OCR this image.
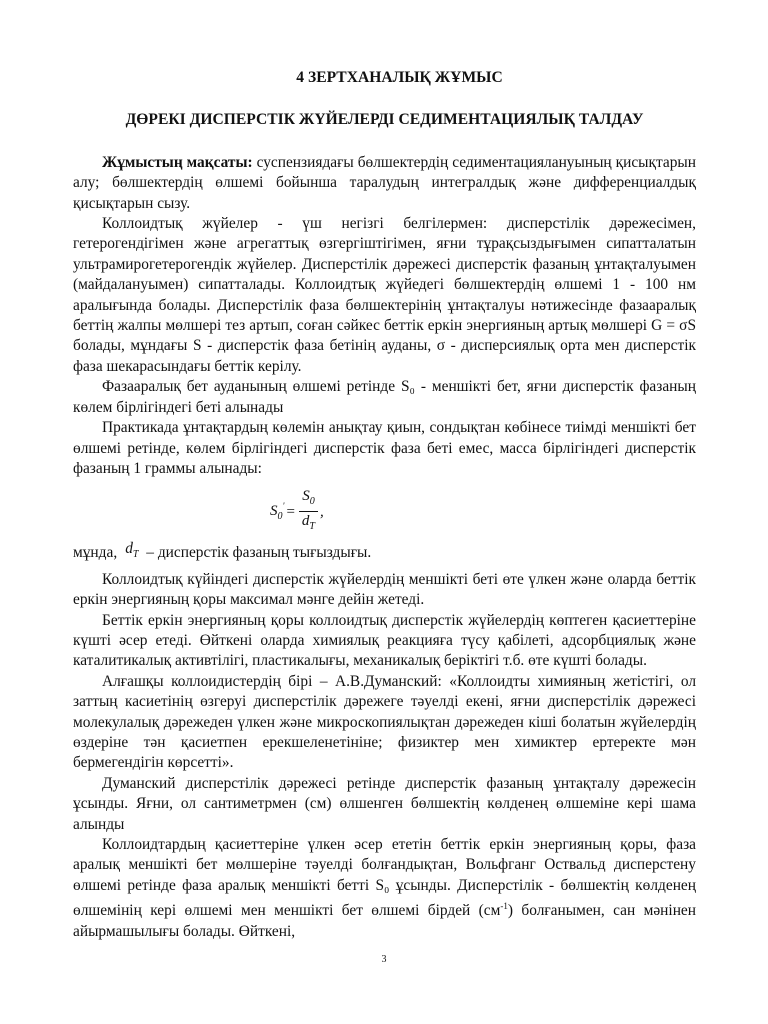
4 ЗЕРТХАНАЛЫҚ ЖҰМЫС
ДӨРЕКІ ДИСПЕРСТІК ЖҮЙЕЛЕРДІ СЕДИМЕНТАЦИЯЛЫҚ ТАЛДАУ

Жұмыстың мақсаты: суспензиядағы бөлшектердің седиментациялануының қисықтарын алу; бөлшектердің өлшемі бойынша таралудың интегралдық және дифференциалдық қисықтарын сызу.

Коллоидтық жүйелер - үш негізгі белгілермен: дисперстілік дәрежесімен, гетерогендігімен және агрегаттық өзгергіштігімен, яғни тұрақсыздығымен сипатталатын ультрамирогетерогендік жүйелер. Дисперстілік дәрежесі дисперстік фазаның ұнтақталуымен (майдалануымен) сипатталады. Коллоидтық жүйедегі бөлшектердің өлшемі 1 - 100 нм аралығында болады. Дисперстілік фаза бөлшектерінің ұнтақталуы нәтижесінде фазааралық беттің жалпы мөлшері тез артып, соған сәйкес беттік еркін энергияның артық мөлшері G = σS болады, мұндағы S - дисперстік фаза бетінің ауданы, σ - дисперсиялық орта мен дисперстік фаза шекарасындағы беттік керілу.

Фазааралық бет ауданының өлшемі ретінде S₀ - меншікті бет, яғни дисперстік фазаның көлем бірлігіндегі беті алынады

Практикада ұнтақтардың көлемін анықтау қиын, сондықтан көбінесе тиімді меншікті бет өлшемі ретінде, көлем бірлігіндегі дисперстік фаза беті емес, масса бірлігіндегі дисперстік фазаның 1 граммы алынады:

$S_0' = \frac{S_0}{d_T}$ ,

мұнда, $d_T$ – дисперстік фазаның тығыздығы.

Коллоидтық күйіндегі дисперстік жүйелердің меншікті беті өте үлкен және оларда беттік еркін энергияның қоры максимал мәнге дейін жетеді.

Беттік еркін энергияның қоры коллоидтық дисперстік жүйелердің көптеген қасиеттеріне күшті әсер етеді. Өйткені оларда химиялық реакцияға түсу қабілеті, адсорбциялық және каталитикалық активтілігі, пластикалығы, механикалық беріктігі т.б. өте күшті болады.

Алғашқы коллоидистердің бірі – А.В.Думанский: «Коллоидты химияның жетістігі, ол заттың касиетінің өзгеруі дисперстілік дәрежеге тәуелді екені, яғни дисперстілік дәрежесі молекулалық дәрежеден үлкен және микроскопиялықтан дәрежеден кіші болатын жүйелердің өздеріне тән қасиетпен ерекшеленетініне; физиктер мен химиктер ертеректе мән бермегендігін көрсетті».

Думанский дисперстілік дәрежесі ретінде дисперстік фазаның ұнтақталу дәрежесін ұсынды. Яғни, ол сантиметрмен (см) өлшенген бөлшектің көлденең өлшеміне кері шама алынды

Коллоидтардың қасиеттеріне үлкен әсер ететін беттік еркін энергияның қоры, фаза аралық меншікті бет мөлшеріне тәуелді болғандықтан, Вольфганг Оствальд дисперстену өлшемі ретінде фаза аралық меншікті бетті S₀ ұсынды. Дисперстілік - бөлшектің көлденең өлшемінің кері өлшемі мен меншікті бет өлшемі бірдей $(см^{-1})$ болғанымен, сан мәнінен айырмашылығы болады. Өйткені,

3
